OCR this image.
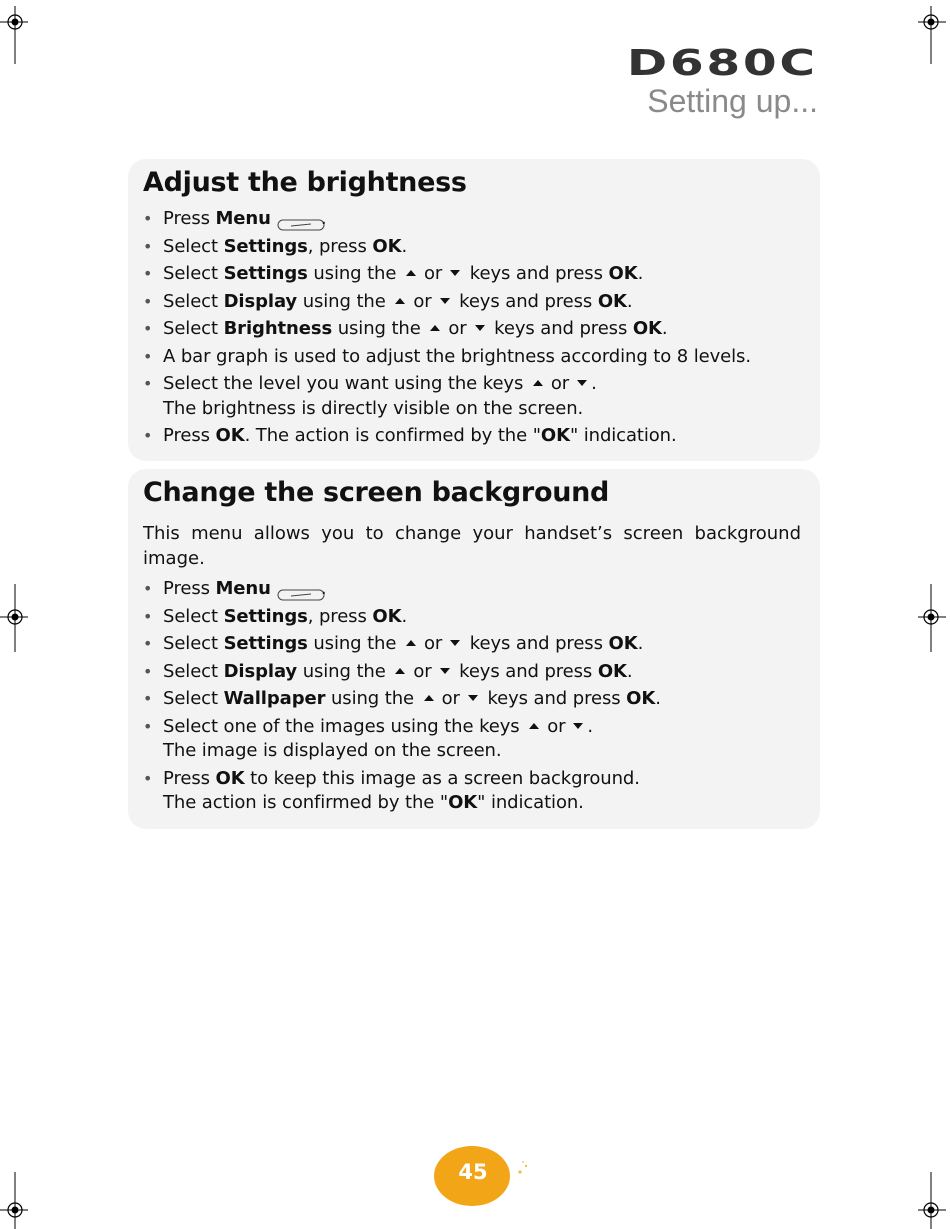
D680C
Setting up...
Adjust the brightness
• Press Menu	.
• Select Settings, press OK.
• Select Settings using the or keys and press OK.
• Select Display using the or keys and press OK.
• Select Brightness using the or keys and press OK.
• A bar graph is used to adjust the brightness according to 8 levels.
• Select the level you want using the keys or .
The brightness is directly visible on the screen.
• Press OK. The action is confirmed by the "OK" indication.
Change the screen background
This menu allows you to change your handset’s screen background image.
• Press Menu	.
• Select Settings, press OK.
• Select Settings using the or keys and press OK.
• Select Display using the or keys and press OK.
• Select Wallpaper using the or keys and press OK.
• Select one of the images using the keys or .
The image is displayed on the screen.
• Press OK to keep this image as a screen background.
The action is confirmed by the "OK" indication.
45
